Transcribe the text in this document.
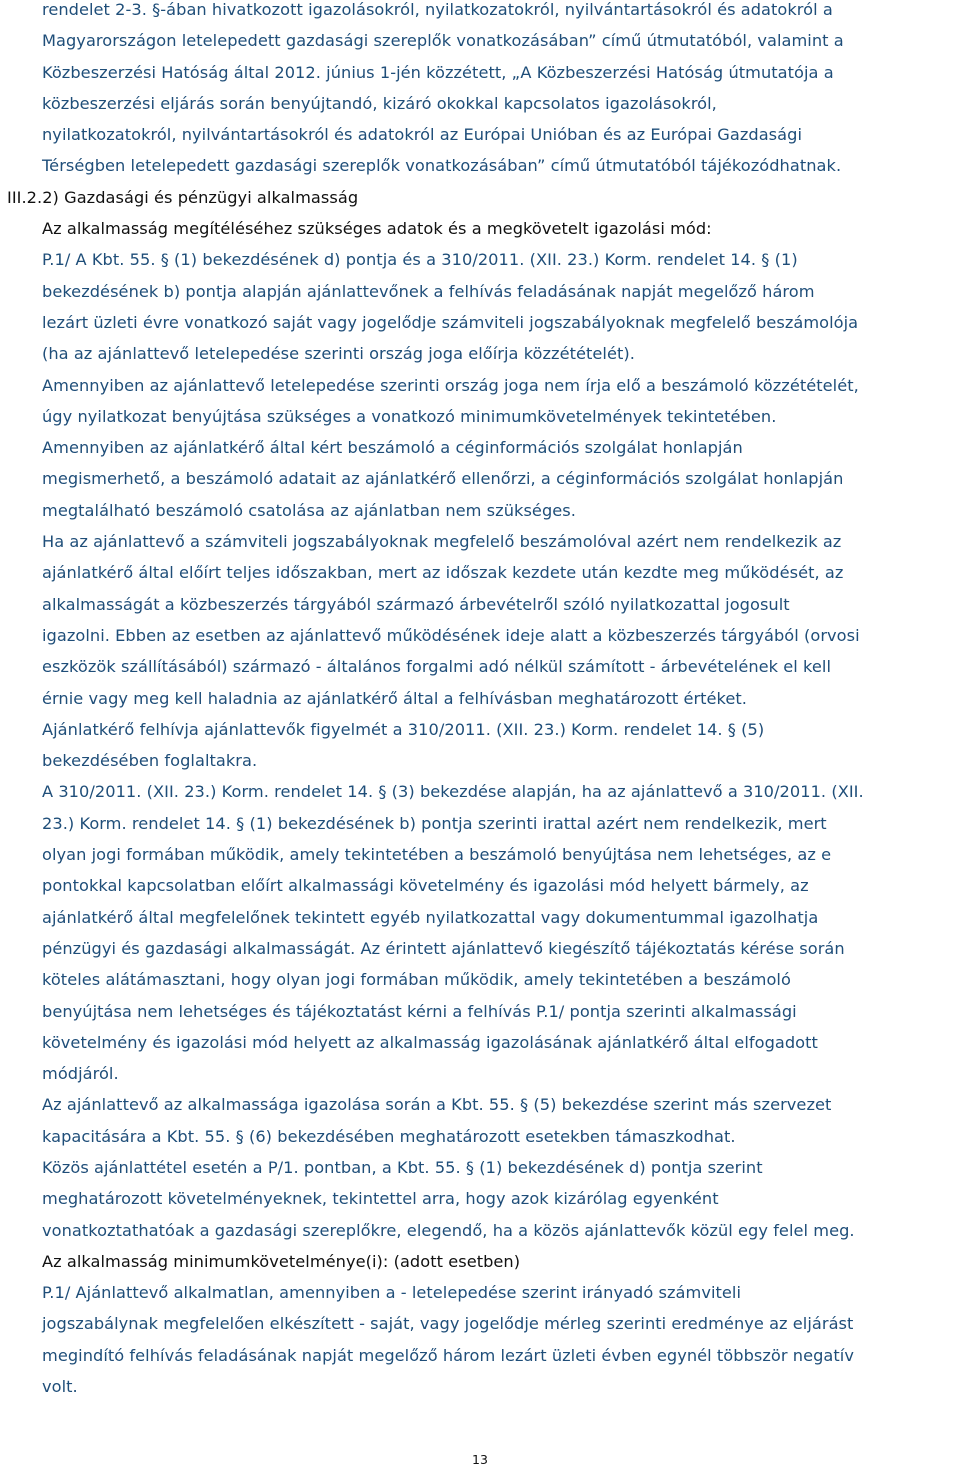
rendelet 2-3. §-ában hivatkozott igazolásokról, nyilatkozatokról, nyilvántartásokról és adatokról a
Magyarországon letelepedett gazdasági szereplők vonatkozásában” című útmutatóból, valamint a
Közbeszerzési Hatóság által 2012. június 1-jén közzétett, „A Közbeszerzési Hatóság útmutatója a
közbeszerzési eljárás során benyújtandó, kizáró okokkal kapcsolatos igazolásokról,
nyilatkozatokról, nyilvántartásokról és adatokról az Európai Unióban és az Európai Gazdasági
Térségben letelepedett gazdasági szereplők vonatkozásában” című útmutatóból tájékozódhatnak.
III.2.2) Gazdasági és pénzügyi alkalmasság
Az alkalmasság megítéléséhez szükséges adatok és a megkövetelt igazolási mód:
P.1/ A Kbt. 55. § (1) bekezdésének d) pontja és a 310/2011. (XII. 23.) Korm. rendelet 14. § (1)
bekezdésének b) pontja alapján ajánlattevőnek a felhívás feladásának napját megelőző három
lezárt üzleti évre vonatkozó saját vagy jogelődje számviteli jogszabályoknak megfelelő beszámolója
(ha az ajánlattevő letelepedése szerinti ország joga előírja közzétételét).
Amennyiben az ajánlattevő letelepedése szerinti ország joga nem írja elő a beszámoló közzétételét,
úgy nyilatkozat benyújtása szükséges a vonatkozó minimumkövetelmények tekintetében.
Amennyiben az ajánlatkérő által kért beszámoló a céginformációs szolgálat honlapján
megismerhető, a beszámoló adatait az ajánlatkérő ellenőrzi, a céginformációs szolgálat honlapján
megtalálható beszámoló csatolása az ajánlatban nem szükséges.
Ha az ajánlattevő a számviteli jogszabályoknak megfelelő beszámolóval azért nem rendelkezik az
ajánlatkérő által előírt teljes időszakban, mert az időszak kezdete után kezdte meg működését, az
alkalmasságát a közbeszerzés tárgyából származó árbevételről szóló nyilatkozattal jogosult
igazolni. Ebben az esetben az ajánlattevő működésének ideje alatt a közbeszerzés tárgyából (orvosi
eszközök szállításából) származó - általános forgalmi adó nélkül számított - árbevételének el kell
érnie vagy meg kell haladnia az ajánlatkérő által a felhívásban meghatározott értéket.
Ajánlatkérő felhívja ajánlattevők figyelmét a 310/2011. (XII. 23.) Korm. rendelet 14. § (5)
bekezdésében foglaltakra.
A 310/2011. (XII. 23.) Korm. rendelet 14. § (3) bekezdése alapján, ha az ajánlattevő a 310/2011. (XII.
23.) Korm. rendelet 14. § (1) bekezdésének b) pontja szerinti irattal azért nem rendelkezik, mert
olyan jogi formában működik, amely tekintetében a beszámoló benyújtása nem lehetséges, az e
pontokkal kapcsolatban előírt alkalmassági követelmény és igazolási mód helyett bármely, az
ajánlatkérő által megfelelőnek tekintett egyéb nyilatkozattal vagy dokumentummal igazolhatja
pénzügyi és gazdasági alkalmasságát. Az érintett ajánlattevő kiegészítő tájékoztatás kérése során
köteles alátámasztani, hogy olyan jogi formában működik, amely tekintetében a beszámoló
benyújtása nem lehetséges és tájékoztatást kérni a felhívás P.1/ pontja szerinti alkalmassági
követelmény és igazolási mód helyett az alkalmasság igazolásának ajánlatkérő által elfogadott
módjáról.
Az ajánlattevő az alkalmassága igazolása során a Kbt. 55. § (5) bekezdése szerint más szervezet
kapacitására a Kbt. 55. § (6) bekezdésében meghatározott esetekben támaszkodhat.
Közös ajánlattétel esetén a P/1. pontban, a Kbt. 55. § (1) bekezdésének d) pontja szerint
meghatározott követelményeknek, tekintettel arra, hogy azok kizárólag egyenként
vonatkoztathatóak a gazdasági szereplőkre, elegendő, ha a közös ajánlattevők közül egy felel meg.
Az alkalmasság minimumkövetelménye(i): (adott esetben)
P.1/ Ajánlattevő alkalmatlan, amennyiben a - letelepedése szerint irányadó számviteli
jogszabálynak megfelelően elkészített - saját, vagy jogelődje mérleg szerinti eredménye az eljárást
megindító felhívás feladásának napját megelőző három lezárt üzleti évben egynél többször negatív
volt.
13
